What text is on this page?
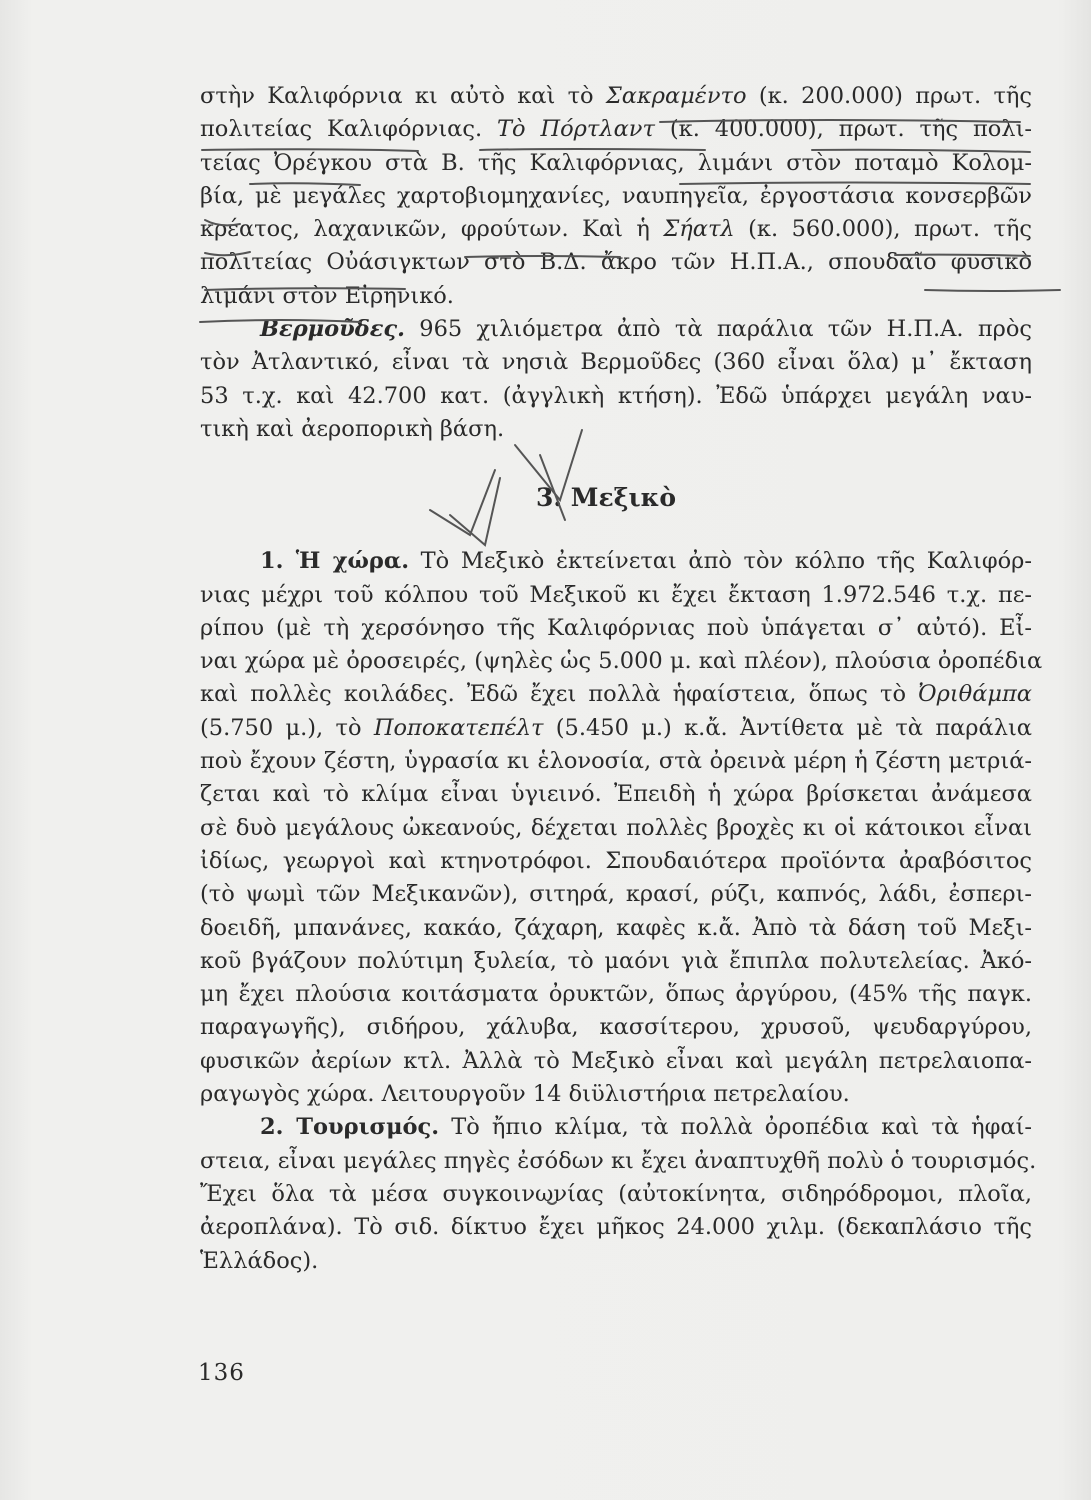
στὴν Καλιφόρνια κι αὐτὸ καὶ τὸ Σακραμέντο (κ. 200.000) πρωτ. τῆς
πολιτείας Καλιφόρνιας. Τὸ Πόρτλαντ (κ. 400.000), πρωτ. τῆς πολι-
τείας Ὀρέγκου στὰ Β. τῆς Καλιφόρνιας, λιμάνι στὸν ποταμὸ Κολομ-
βία, μὲ μεγάλες χαρτοβιομηχανίες, ναυπηγεῖα, ἐργοστάσια κονσερβῶν
κρέατος, λαχανικῶν, φρούτων. Καὶ ἡ Σήατλ (κ. 560.000), πρωτ. τῆς
πολιτείας Οὐάσιγκτων στὸ Β.Δ. ἄκρο τῶν Η.Π.Α., σπουδαῖο φυσικὸ
λιμάνι στὸν Εἰρηνικό.
Βερμοῦδες. 965 χιλιόμετρα ἀπὸ τὰ παράλια τῶν Η.Π.Α. πρὸς
τὸν Ἀτλαντικό, εἶναι τὰ νησιὰ Βερμοῦδες (360 εἶναι ὅλα) μ᾿ ἔκταση
53 τ.χ. καὶ 42.700 κατ. (ἀγγλικὴ κτήση). Ἐδῶ ὑπάρχει μεγάλη ναυ-
τικὴ καὶ ἀεροπορικὴ βάση.
3. Μεξικὸ
1. Ἡ χώρα. Τὸ Μεξικὸ ἐκτείνεται ἀπὸ τὸν κόλπο τῆς Καλιφόρ-
νιας μέχρι τοῦ κόλπου τοῦ Μεξικοῦ κι ἔχει ἔκταση 1.972.546 τ.χ. πε-
ρίπου (μὲ τὴ χερσόνησο τῆς Καλιφόρνιας ποὺ ὑπάγεται σ᾿ αὐτό). Εἶ-
ναι χώρα μὲ ὀροσειρές, (ψηλὲς ὡς 5.000 μ. καὶ πλέον), πλούσια ὀροπέδια
καὶ πολλὲς κοιλάδες. Ἐδῶ ἔχει πολλὰ ἡφαίστεια, ὅπως τὸ Ὀριθάμπα
(5.750 μ.), τὸ Ποποκατεπέλτ (5.450 μ.) κ.ἄ. Ἀντίθετα μὲ τὰ παράλια
ποὺ ἔχουν ζέστη, ὑγρασία κι ἑλονοσία, στὰ ὀρεινὰ μέρη ἡ ζέστη μετριά-
ζεται καὶ τὸ κλίμα εἶναι ὑγιεινό. Ἐπειδὴ ἡ χώρα βρίσκεται ἀνάμεσα
σὲ δυὸ μεγάλους ὠκεανούς, δέχεται πολλὲς βροχὲς κι οἱ κάτοικοι εἶναι
ἰδίως, γεωργοὶ καὶ κτηνοτρόφοι. Σπουδαιότερα προϊόντα ἀραβόσιτος
(τὸ ψωμὶ τῶν Μεξικανῶν), σιτηρά, κρασί, ρύζι, καπνός, λάδι, ἐσπερι-
δοειδῆ, μπανάνες, κακάο, ζάχαρη, καφὲς κ.ἄ. Ἀπὸ τὰ δάση τοῦ Μεξι-
κοῦ βγάζουν πολύτιμη ξυλεία, τὸ μαόνι γιὰ ἔπιπλα πολυτελείας. Ἀκό-
μη ἔχει πλούσια κοιτάσματα ὀρυκτῶν, ὅπως ἀργύρου, (45% τῆς παγκ.
παραγωγῆς), σιδήρου, χάλυβα, κασσίτερου, χρυσοῦ, ψευδαργύρου,
φυσικῶν ἀερίων κτλ. Ἀλλὰ τὸ Μεξικὸ εἶναι καὶ μεγάλη πετρελαιοπα-
ραγωγὸς χώρα. Λειτουργοῦν 14 διϋλιστήρια πετρελαίου.
2. Τουρισμός. Τὸ ἤπιο κλίμα, τὰ πολλὰ ὀροπέδια καὶ τὰ ἡφαί-
στεια, εἶναι μεγάλες πηγὲς ἐσόδων κι ἔχει ἀναπτυχθῆ πολὺ ὁ τουρισμός.
Ἔχει ὅλα τὰ μέσα συγκοινωνίας (αὐτοκίνητα, σιδηρόδρομοι, πλοῖα,
ἀεροπλάνα). Τὸ σιδ. δίκτυο ἔχει μῆκος 24.000 χιλμ. (δεκαπλάσιο τῆς
Ἑλλάδος).
136
